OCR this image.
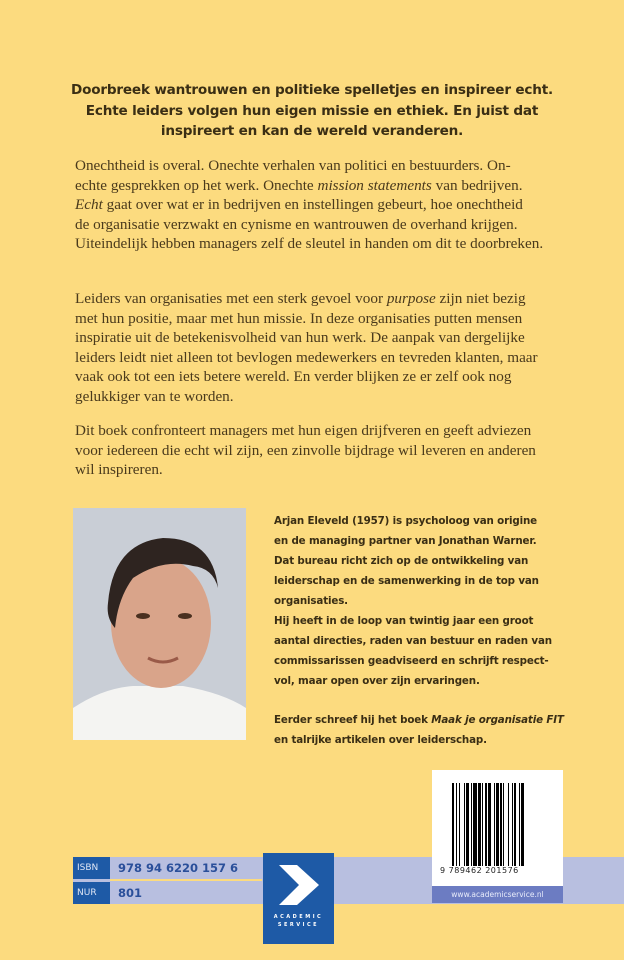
Doorbreek wantrouwen en politieke spelletjes en inspireer echt.
Echte leiders volgen hun eigen missie en ethiek. En juist dat
inspireert en kan de wereld veranderen.
Onechtheid is overal. Onechte verhalen van politici en bestuurders. On-
echte gesprekken op het werk. Onechte mission statements van bedrijven.
Echt gaat over wat er in bedrijven en instellingen gebeurt, hoe onechtheid
de organisatie verzwakt en cynisme en wantrouwen de overhand krijgen.
Uiteindelijk hebben managers zelf de sleutel in handen om dit te doorbreken.
Leiders van organisaties met een sterk gevoel voor purpose zijn niet bezig
met hun positie, maar met hun missie. In deze organisaties putten mensen
inspiratie uit de betekenisvolheid van hun werk. De aanpak van dergelijke
leiders leidt niet alleen tot bevlogen medewerkers en tevreden klanten, maar
vaak ook tot een iets betere wereld. En verder blijken ze er zelf ook nog
gelukkiger van te worden.
Dit boek confronteert managers met hun eigen drijfveren en geeft adviezen
voor iedereen die echt wil zijn, een zinvolle bijdrage wil leveren en anderen
wil inspireren.
Arjan Eleveld (1957) is psycholoog van origine
en de managing partner van Jonathan Warner.
Dat bureau richt zich op de ontwikkeling van
leiderschap en de samenwerking in de top van
organisaties.
Hij heeft in de loop van twintig jaar een groot
aantal directies, raden van bestuur en raden van
commissarissen geadviseerd en schrijft respect-
vol, maar open over zijn ervaringen.

Eerder schreef hij het boek Maak je organisatie FIT
en talrijke artikelen over leiderschap.
ISBN	978 94 6220 157 6
NUR	801
ACADEMIC
SERVICE
9 789462 201576
www.academicservice.nl
